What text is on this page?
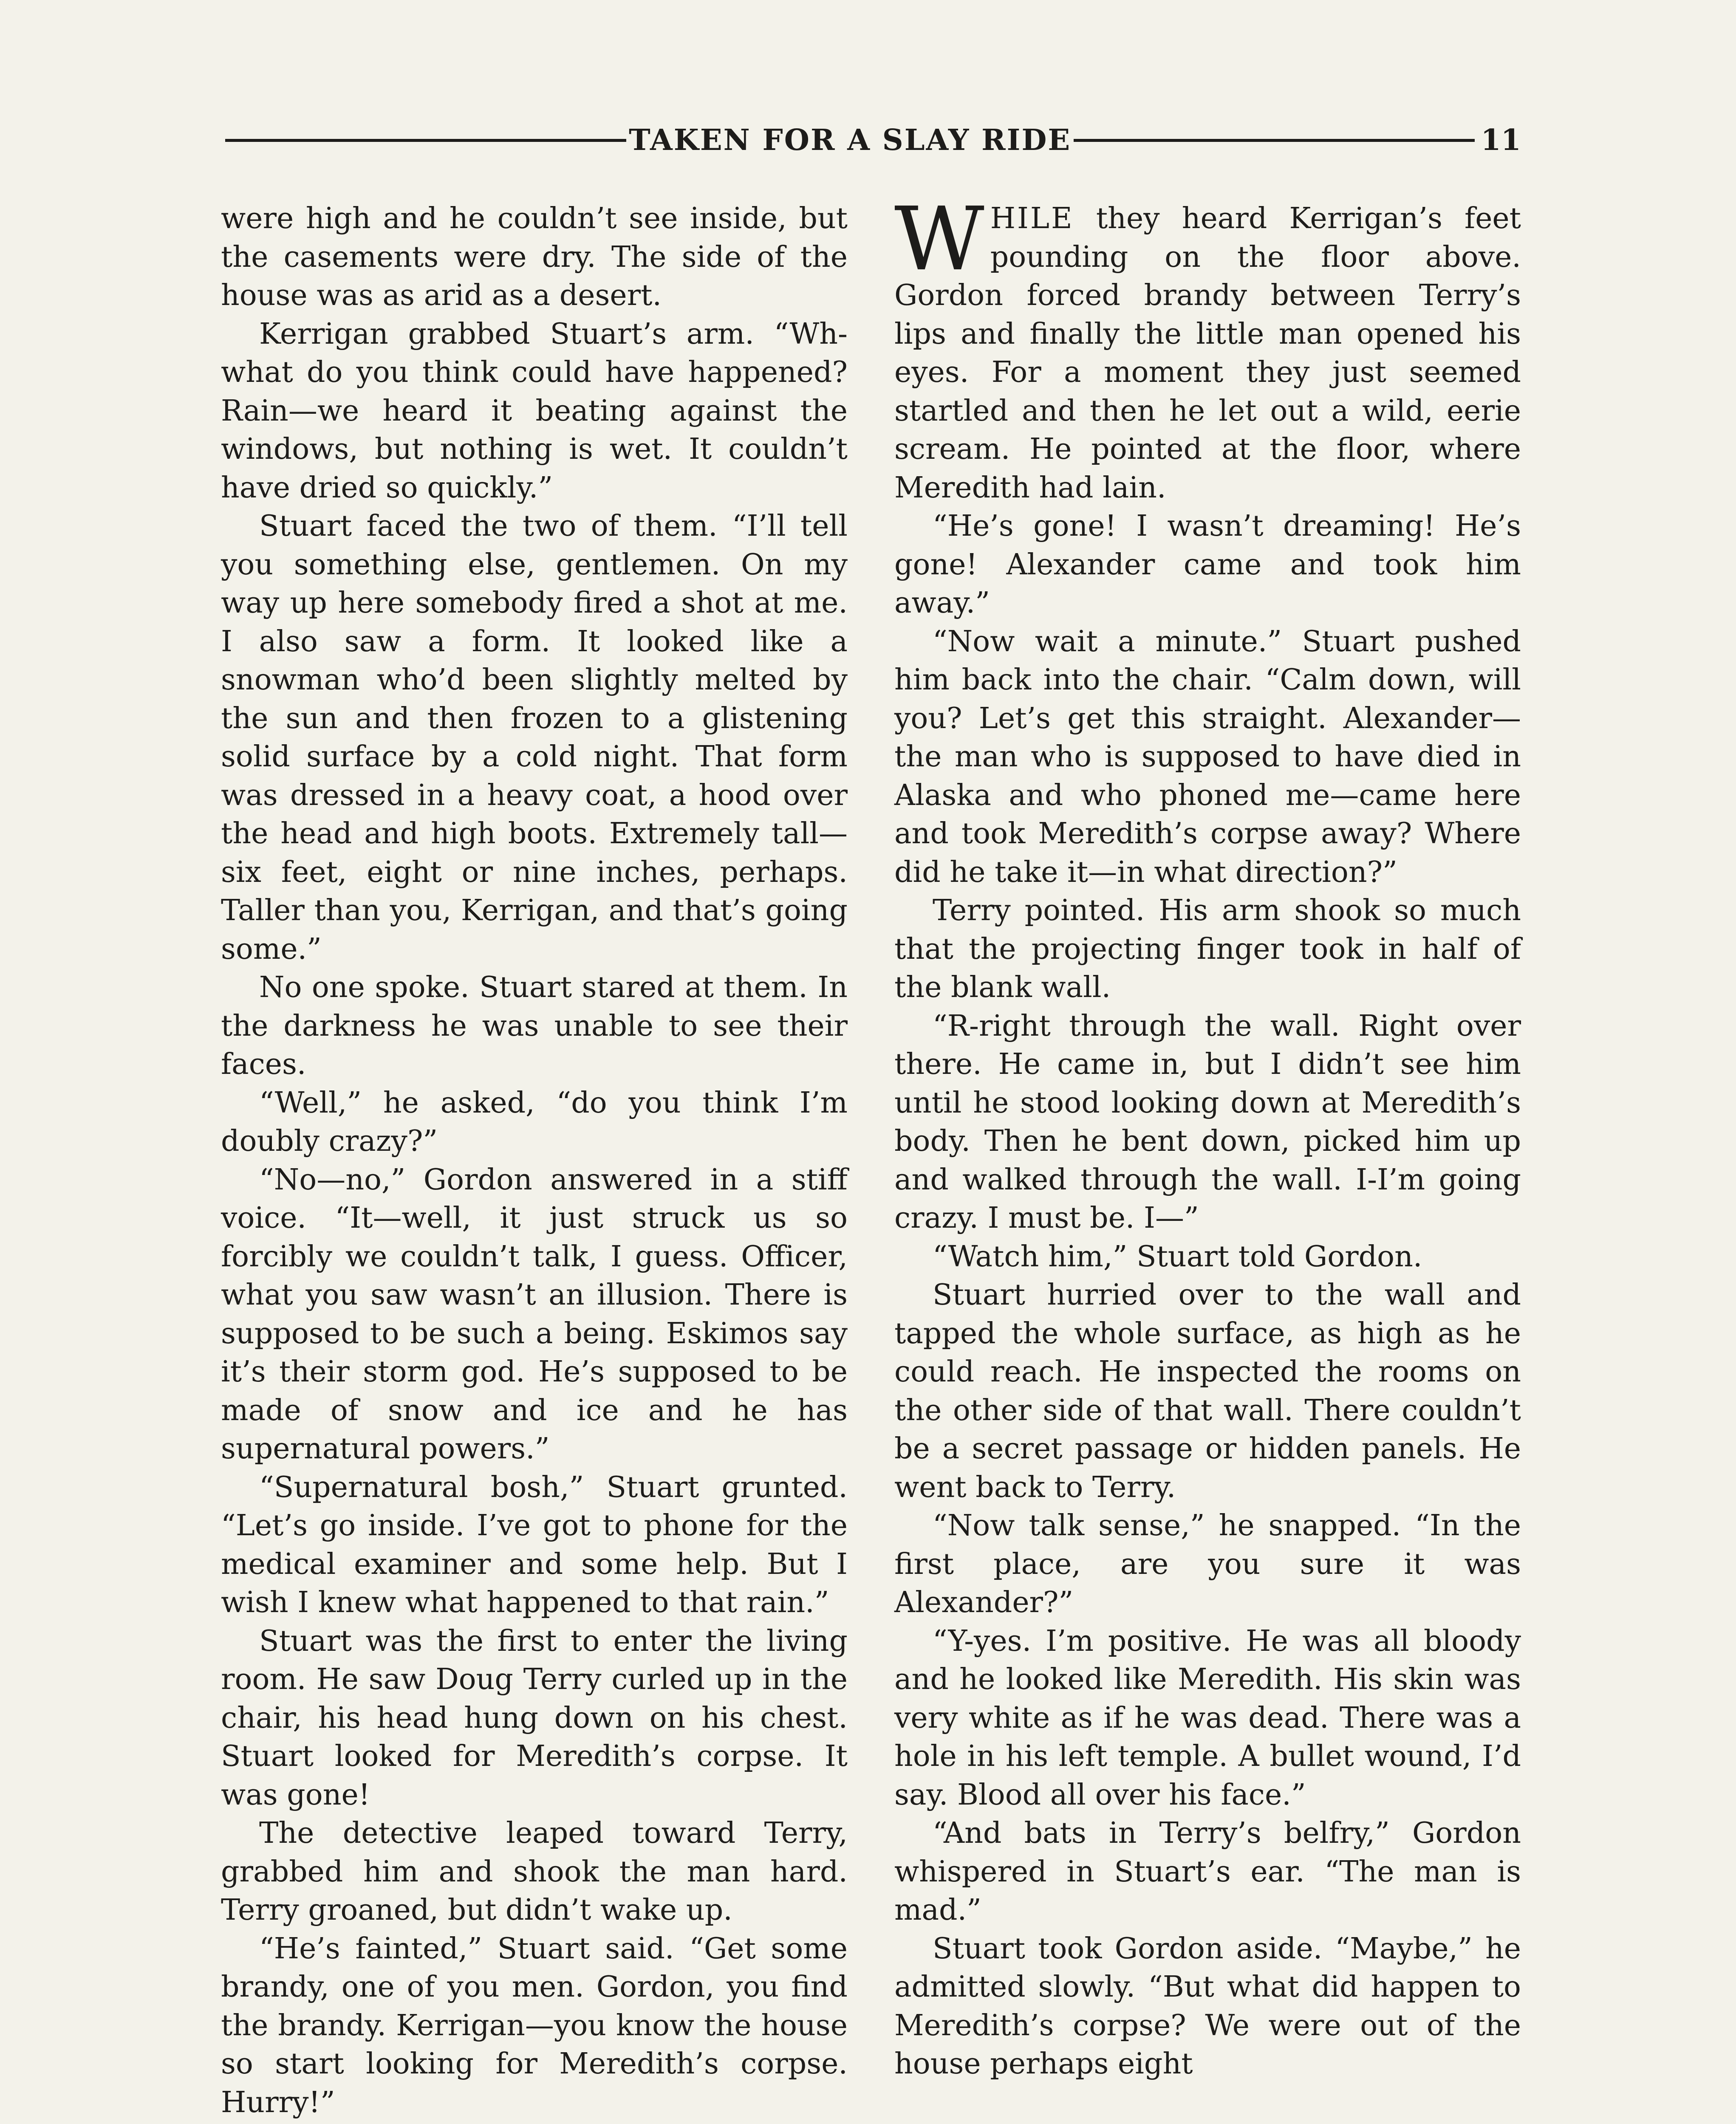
TAKEN FOR A SLAY RIDE	11

were high and he couldn’t see inside, but the casements were dry. The side of the house was as arid as a desert.

Kerrigan grabbed Stuart’s arm. “Wh-what do you think could have happened? Rain—we heard it beating against the windows, but nothing is wet. It couldn’t have dried so quickly.”

Stuart faced the two of them. “I’ll tell you something else, gentlemen. On my way up here somebody fired a shot at me. I also saw a form. It looked like a snowman who’d been slightly melted by the sun and then frozen to a glistening solid surface by a cold night. That form was dressed in a heavy coat, a hood over the head and high boots. Extremely tall—six feet, eight or nine inches, perhaps. Taller than you, Kerrigan, and that’s going some.”

No one spoke. Stuart stared at them. In the darkness he was unable to see their faces.

“Well,” he asked, “do you think I’m doubly crazy?”

“No—no,” Gordon answered in a stiff voice. “It—well, it just struck us so forcibly we couldn’t talk, I guess. Officer, what you saw wasn’t an illusion. There is supposed to be such a being. Eskimos say it’s their storm god. He’s supposed to be made of snow and ice and he has supernatural powers.”

“Supernatural bosh,” Stuart grunted. “Let’s go inside. I’ve got to phone for the medical examiner and some help. But I wish I knew what happened to that rain.”

Stuart was the first to enter the living room. He saw Doug Terry curled up in the chair, his head hung down on his chest. Stuart looked for Meredith’s corpse. It was gone!

The detective leaped toward Terry, grabbed him and shook the man hard. Terry groaned, but didn’t wake up.

“He’s fainted,” Stuart said. “Get some brandy, one of you men. Gordon, you find the brandy. Kerrigan—you know the house so start looking for Meredith’s corpse. Hurry!”

WHILE they heard Kerrigan’s feet pounding on the floor above. Gordon forced brandy between Terry’s lips and finally the little man opened his eyes. For a moment they just seemed startled and then he let out a wild, eerie scream. He pointed at the floor, where Meredith had lain.

“He’s gone! I wasn’t dreaming! He’s gone! Alexander came and took him away.”

“Now wait a minute.” Stuart pushed him back into the chair. “Calm down, will you? Let’s get this straight. Alexander—the man who is supposed to have died in Alaska and who phoned me—came here and took Meredith’s corpse away? Where did he take it—in what direction?”

Terry pointed. His arm shook so much that the projecting finger took in half of the blank wall.

“R-right through the wall. Right over there. He came in, but I didn’t see him until he stood looking down at Meredith’s body. Then he bent down, picked him up and walked through the wall. I-I’m going crazy. I must be. I—”

“Watch him,” Stuart told Gordon.

Stuart hurried over to the wall and tapped the whole surface, as high as he could reach. He inspected the rooms on the other side of that wall. There couldn’t be a secret passage or hidden panels. He went back to Terry.

“Now talk sense,” he snapped. “In the first place, are you sure it was Alexander?”

“Y-yes. I’m positive. He was all bloody and he looked like Meredith. His skin was very white as if he was dead. There was a hole in his left temple. A bullet wound, I’d say. Blood all over his face.”

“And bats in Terry’s belfry,” Gordon whispered in Stuart’s ear. “The man is mad.”

Stuart took Gordon aside. “Maybe,” he admitted slowly. “But what did happen to Meredith’s corpse? We were out of the house perhaps eight
